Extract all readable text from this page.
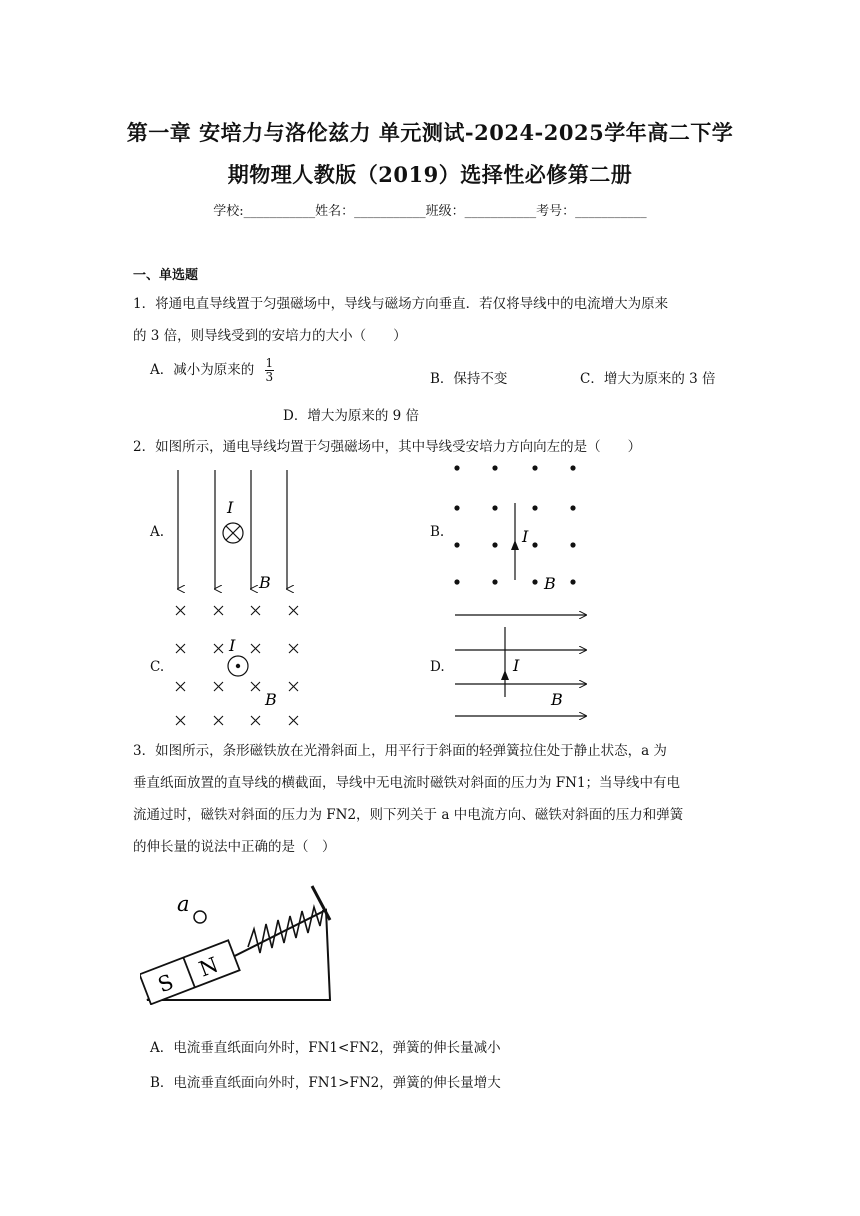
第一章 安培力与洛伦兹力 单元测试-2024-2025学年高二下学
期物理人教版（2019）选择性必修第二册
学校:___________姓名：___________班级：___________考号：___________
一、单选题
1．将通电直导线置于匀强磁场中，导线与磁场方向垂直．若仅将导线中的电流增大为原来
的 3 倍，则导线受到的安培力的大小（　　）
A．减小为原来的 $\frac{1}{3}$	B．保持不变	C．增大为原来的 3 倍
D．增大为原来的 9 倍
2．如图所示，通电导线均置于匀强磁场中，其中导线受安培力方向向左的是（　　）
A.	B.
C.	D.
I
B
I
B
I
B
I
B
3．如图所示，条形磁铁放在光滑斜面上，用平行于斜面的轻弹簧拉住处于静止状态，a 为
垂直纸面放置的直导线的横截面，导线中无电流时磁铁对斜面的压力为 FN1；当导线中有电
流通过时，磁铁对斜面的压力为 FN2，则下列关于 a 中电流方向、磁铁对斜面的压力和弹簧
的伸长量的说法中正确的是（　）
S
N
a
A．电流垂直纸面向外时，FN1<FN2，弹簧的伸长量减小
B．电流垂直纸面向外时，FN1>FN2，弹簧的伸长量增大
